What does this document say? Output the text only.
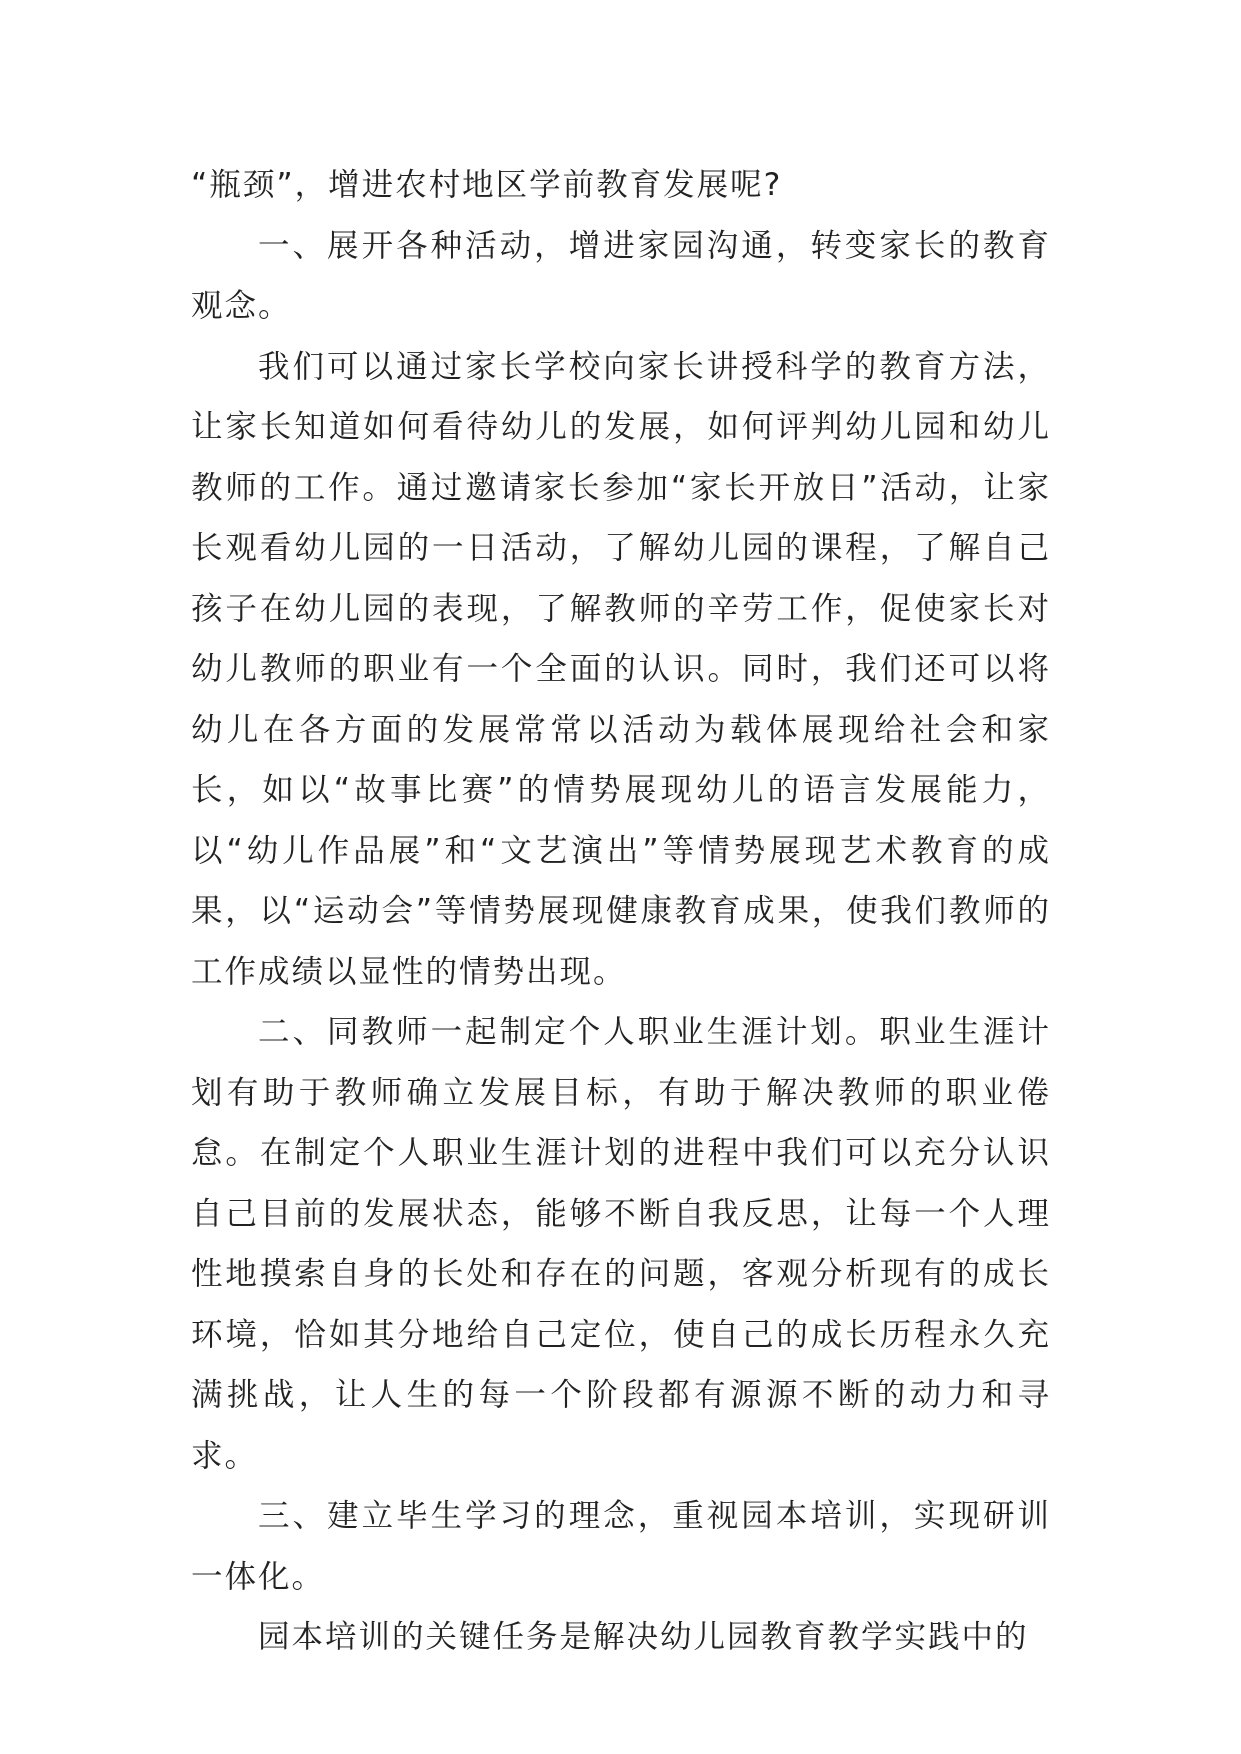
“瓶颈”，增进农村地区学前教育发展呢?

一、展开各种活动，增进家园沟通，转变家长的教育观念。

我们可以通过家长学校向家长讲授科学的教育方法，让家长知道如何看待幼儿的发展，如何评判幼儿园和幼儿教师的工作。通过邀请家长参加“家长开放日”活动，让家长观看幼儿园的一日活动，了解幼儿园的课程，了解自己孩子在幼儿园的表现，了解教师的辛劳工作，促使家长对幼儿教师的职业有一个全面的认识。同时，我们还可以将幼儿在各方面的发展常常以活动为载体展现给社会和家长，如以“故事比赛”的情势展现幼儿的语言发展能力，以“幼儿作品展”和“文艺演出”等情势展现艺术教育的成果，以“运动会”等情势展现健康教育成果，使我们教师的工作成绩以显性的情势出现。

二、同教师一起制定个人职业生涯计划。职业生涯计划有助于教师确立发展目标，有助于解决教师的职业倦怠。在制定个人职业生涯计划的进程中我们可以充分认识自己目前的发展状态，能够不断自我反思，让每一个人理性地摸索自身的长处和存在的问题，客观分析现有的成长环境，恰如其分地给自己定位，使自己的成长历程永久充满挑战，让人生的每一个阶段都有源源不断的动力和寻求。

三、建立毕生学习的理念，重视园本培训，实现研训一体化。

园本培训的关键任务是解决幼儿园教育教学实践中的
